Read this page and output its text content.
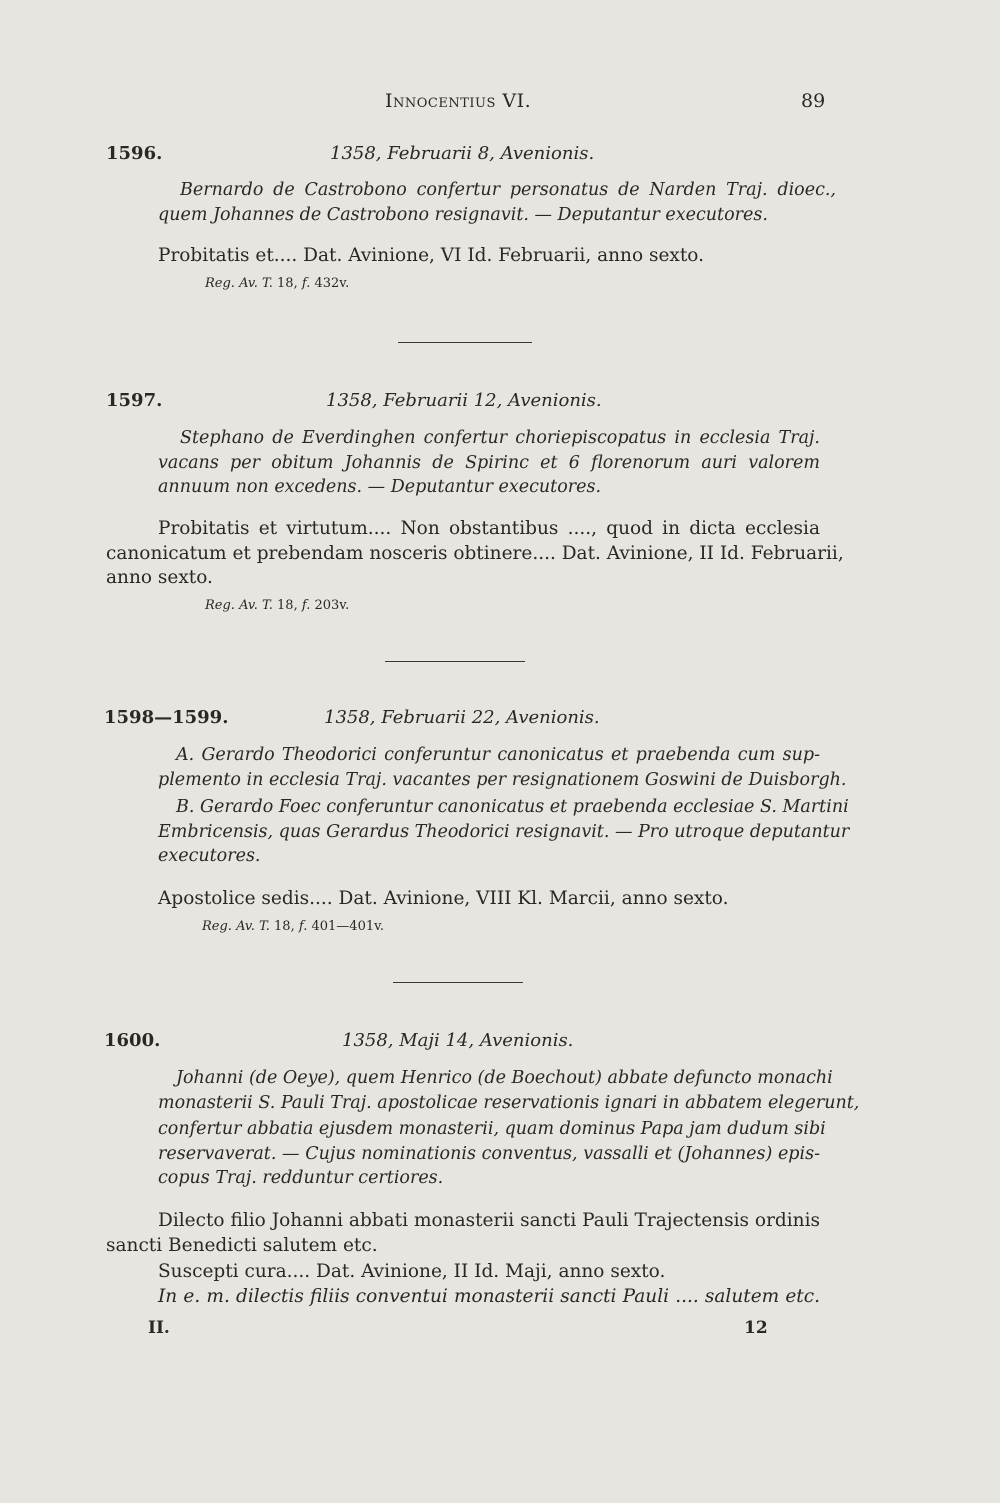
Innocentius VI.	89
1596.	1358, Februarii 8, Avenionis.
Bernardo de Castrobono confertur personatus de Narden Traj. dioec.,
quem Johannes de Castrobono resignavit. — Deputantur executores.
Probitatis et.... Dat. Avinione, VI Id. Februarii, anno sexto.
Reg. Av. T. 18, f. 432v.
1597.	1358, Februarii 12, Avenionis.
Stephano de Everdinghen confertur choriepiscopatus in ecclesia Traj.
vacans per obitum Johannis de Spirinc et 6 florenorum auri valorem
annuum non excedens. — Deputantur executores.
Probitatis et virtutum.... Non obstantibus ...., quod in dicta ecclesia
canonicatum et prebendam nosceris obtinere.... Dat. Avinione, II Id. Februarii,
anno sexto.
Reg. Av. T. 18, f. 203v.
1598—1599.	1358, Februarii 22, Avenionis.
A. Gerardo Theodorici conferuntur canonicatus et praebenda cum sup-
plemento in ecclesia Traj. vacantes per resignationem Goswini de Duisborgh.
B. Gerardo Foec conferuntur canonicatus et praebenda ecclesiae S. Martini
Embricensis, quas Gerardus Theodorici resignavit. — Pro utroque deputantur
executores.
Apostolice sedis.... Dat. Avinione, VIII Kl. Marcii, anno sexto.
Reg. Av. T. 18, f. 401—401v.
1600.	1358, Maji 14, Avenionis.
Johanni (de Oeye), quem Henrico (de Boechout) abbate defuncto monachi
monasterii S. Pauli Traj. apostolicae reservationis ignari in abbatem elegerunt,
confertur abbatia ejusdem monasterii, quam dominus Papa jam dudum sibi
reservaverat. — Cujus nominationis conventus, vassalli et (Johannes) epis-
copus Traj. redduntur certiores.
Dilecto filio Johanni abbati monasterii sancti Pauli Trajectensis ordinis
sancti Benedicti salutem etc.
Suscepti cura.... Dat. Avinione, II Id. Maji, anno sexto.
In e. m. dilectis filiis conventui monasterii sancti Pauli .... salutem etc.
II.	12
